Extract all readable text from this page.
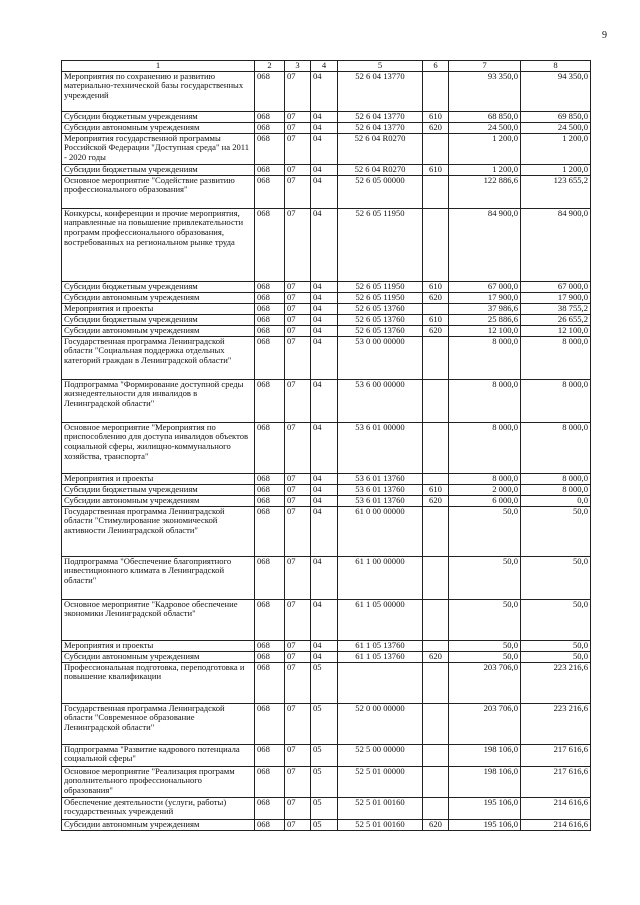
9
1	2	3	4	5	6	7	8
Мероприятия по сохранению и развитию материально-технической базы государственных учреждений	068	07	04	52 6 04 13770		93 350,0	94 350,0
Субсидии бюджетным учреждениям	068	07	04	52 6 04 13770	610	68 850,0	69 850,0
Субсидии автономным учреждениям	068	07	04	52 6 04 13770	620	24 500,0	24 500,0
Мероприятия государственной программы Российской Федерации "Доступная среда" на 2011 - 2020 годы	068	07	04	52 6 04 R0270		1 200,0	1 200,0
Субсидии бюджетным учреждениям	068	07	04	52 6 04 R0270	610	1 200,0	1 200,0
Основное мероприятие "Содействие развитию профессионального образования"	068	07	04	52 6 05 00000		122 886,6	123 655,2
Конкурсы, конференции и прочие мероприятия, направленные на повышение привлекательности программ профессионального образования, востребованных на региональном рынке труда	068	07	04	52 6 05 11950		84 900,0	84 900,0
Субсидии бюджетным учреждениям	068	07	04	52 6 05 11950	610	67 000,0	67 000,0
Субсидии автономным учреждениям	068	07	04	52 6 05 11950	620	17 900,0	17 900,0
Мероприятия и проекты	068	07	04	52 6 05 13760		37 986,6	38 755,2
Субсидии бюджетным учреждениям	068	07	04	52 6 05 13760	610	25 886,6	26 655,2
Субсидии автономным учреждениям	068	07	04	52 6 05 13760	620	12 100,0	12 100,0
Государственная программа Ленинградской области "Социальная поддержка отдельных категорий граждан в Ленинградской области"	068	07	04	53 0 00 00000		8 000,0	8 000,0
Подпрограмма "Формирование доступной среды жизнедеятельности для инвалидов в Ленинградской области"	068	07	04	53 6 00 00000		8 000,0	8 000,0
Основное мероприятие "Мероприятия по приспособлению для доступа инвалидов объектов социальной сферы, жилищно-коммунального хозяйства, транспорта"	068	07	04	53 6 01 00000		8 000,0	8 000,0
Мероприятия и проекты	068	07	04	53 6 01 13760		8 000,0	8 000,0
Субсидии бюджетным учреждениям	068	07	04	53 6 01 13760	610	2 000,0	8 000,0
Субсидии автономным учреждениям	068	07	04	53 6 01 13760	620	6 000,0	0,0
Государственная программа Ленинградской области "Стимулирование экономической активности Ленинградской области"	068	07	04	61 0 00 00000		50,0	50,0
Подпрограмма "Обеспечение благоприятного инвестиционного климата в Ленинградской области"	068	07	04	61 1 00 00000		50,0	50,0
Основное мероприятие "Кадровое обеспечение экономики Ленинградской области"	068	07	04	61 1 05 00000		50,0	50,0
Мероприятия и проекты	068	07	04	61 1 05 13760		50,0	50,0
Субсидии автономным учреждениям	068	07	04	61 1 05 13760	620	50,0	50,0
Профессиональная подготовка, переподготовка и повышение квалификации	068	07	05			203 706,0	223 216,6
Государственная программа Ленинградской области "Современное образование Ленинградской области"	068	07	05	52 0 00 00000		203 706,0	223 216,6
Подпрограмма "Развитие кадрового потенциала социальной сферы"	068	07	05	52 5 00 00000		198 106,0	217 616,6
Основное мероприятие "Реализация программ дополнительного профессионального образования"	068	07	05	52 5 01 00000		198 106,0	217 616,6
Обеспечение деятельности (услуги, работы) государственных учреждений	068	07	05	52 5 01 00160		195 106,0	214 616,6
Субсидии автономным учреждениям	068	07	05	52 5 01 00160	620	195 106,0	214 616,6
